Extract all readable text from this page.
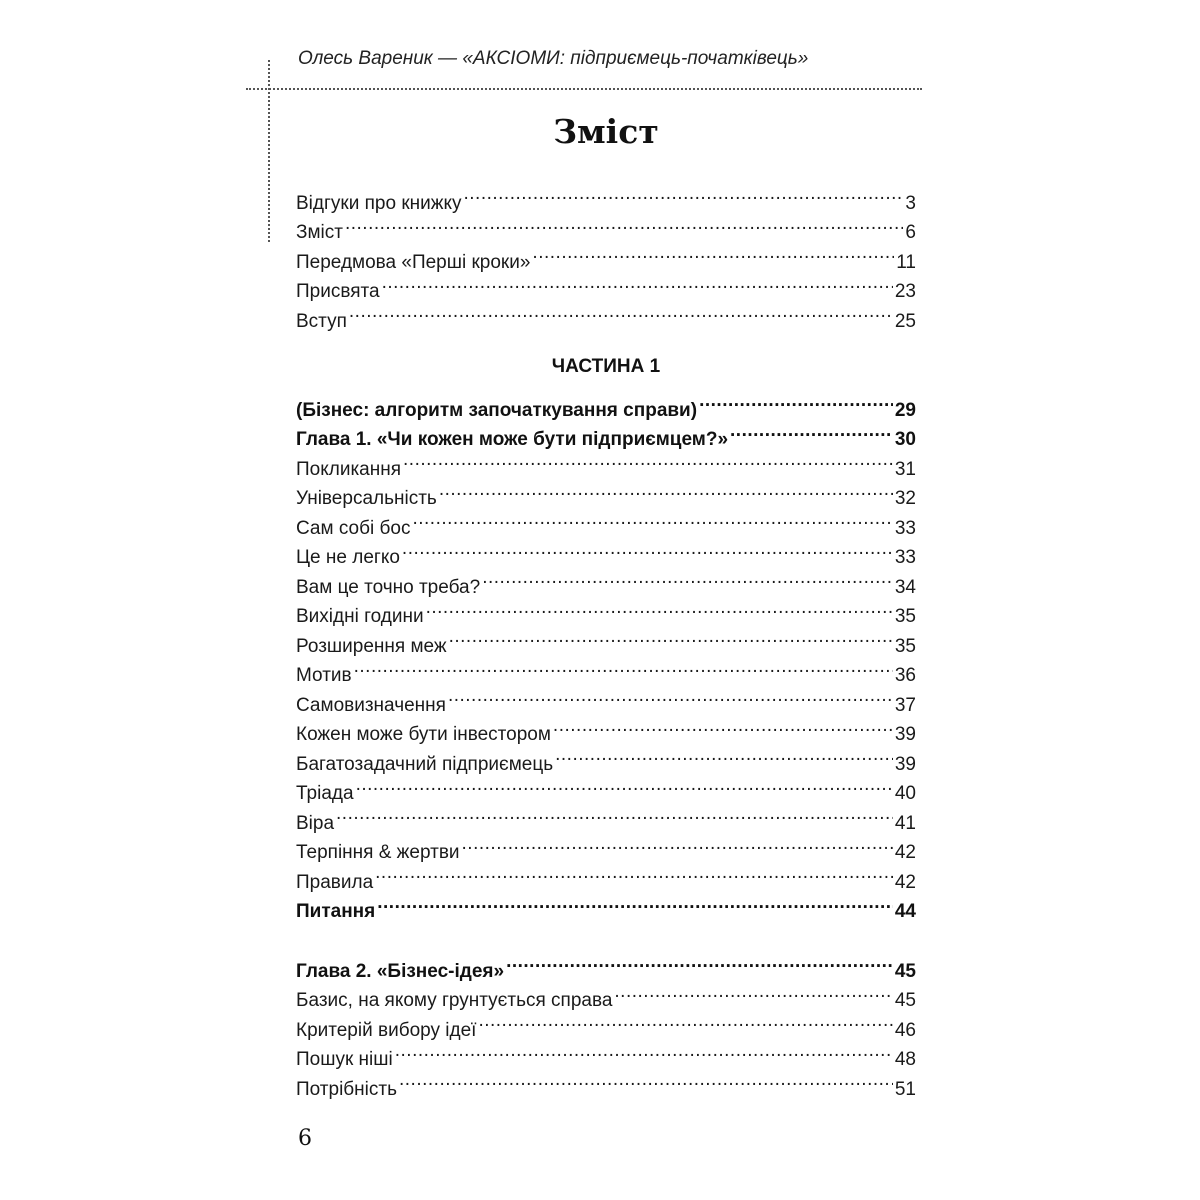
Олесь Вареник — «АКСІОМИ: підприємець-початківець»
Зміст
Відгуки про книжку .....	3
Зміст .....	6
Передмова «Перші кроки» .....	11
Присвята .....	23
Вступ .....	25
ЧАСТИНА 1
(Бізнес: алгоритм започаткування справи) .....	29
Глава 1. «Чи кожен може бути підприємцем?» .....	30
Покликання .....	31
Універсальність .....	32
Сам собі бос .....	33
Це не легко .....	33
Вам це точно треба? .....	34
Вихідні години .....	35
Розширення меж .....	35
Мотив .....	36
Самовизначення .....	37
Кожен може бути інвестором .....	39
Багатозадачний підприємець .....	39
Тріада .....	40
Віра .....	41
Терпіння & жертви .....	42
Правила .....	42
Питання .....	44
Глава 2. «Бізнес-ідея» .....	45
Базис, на якому грунтується справа .....	45
Критерій вибору ідеї .....	46
Пошук ніші .....	48
Потрібність .....	51
6
